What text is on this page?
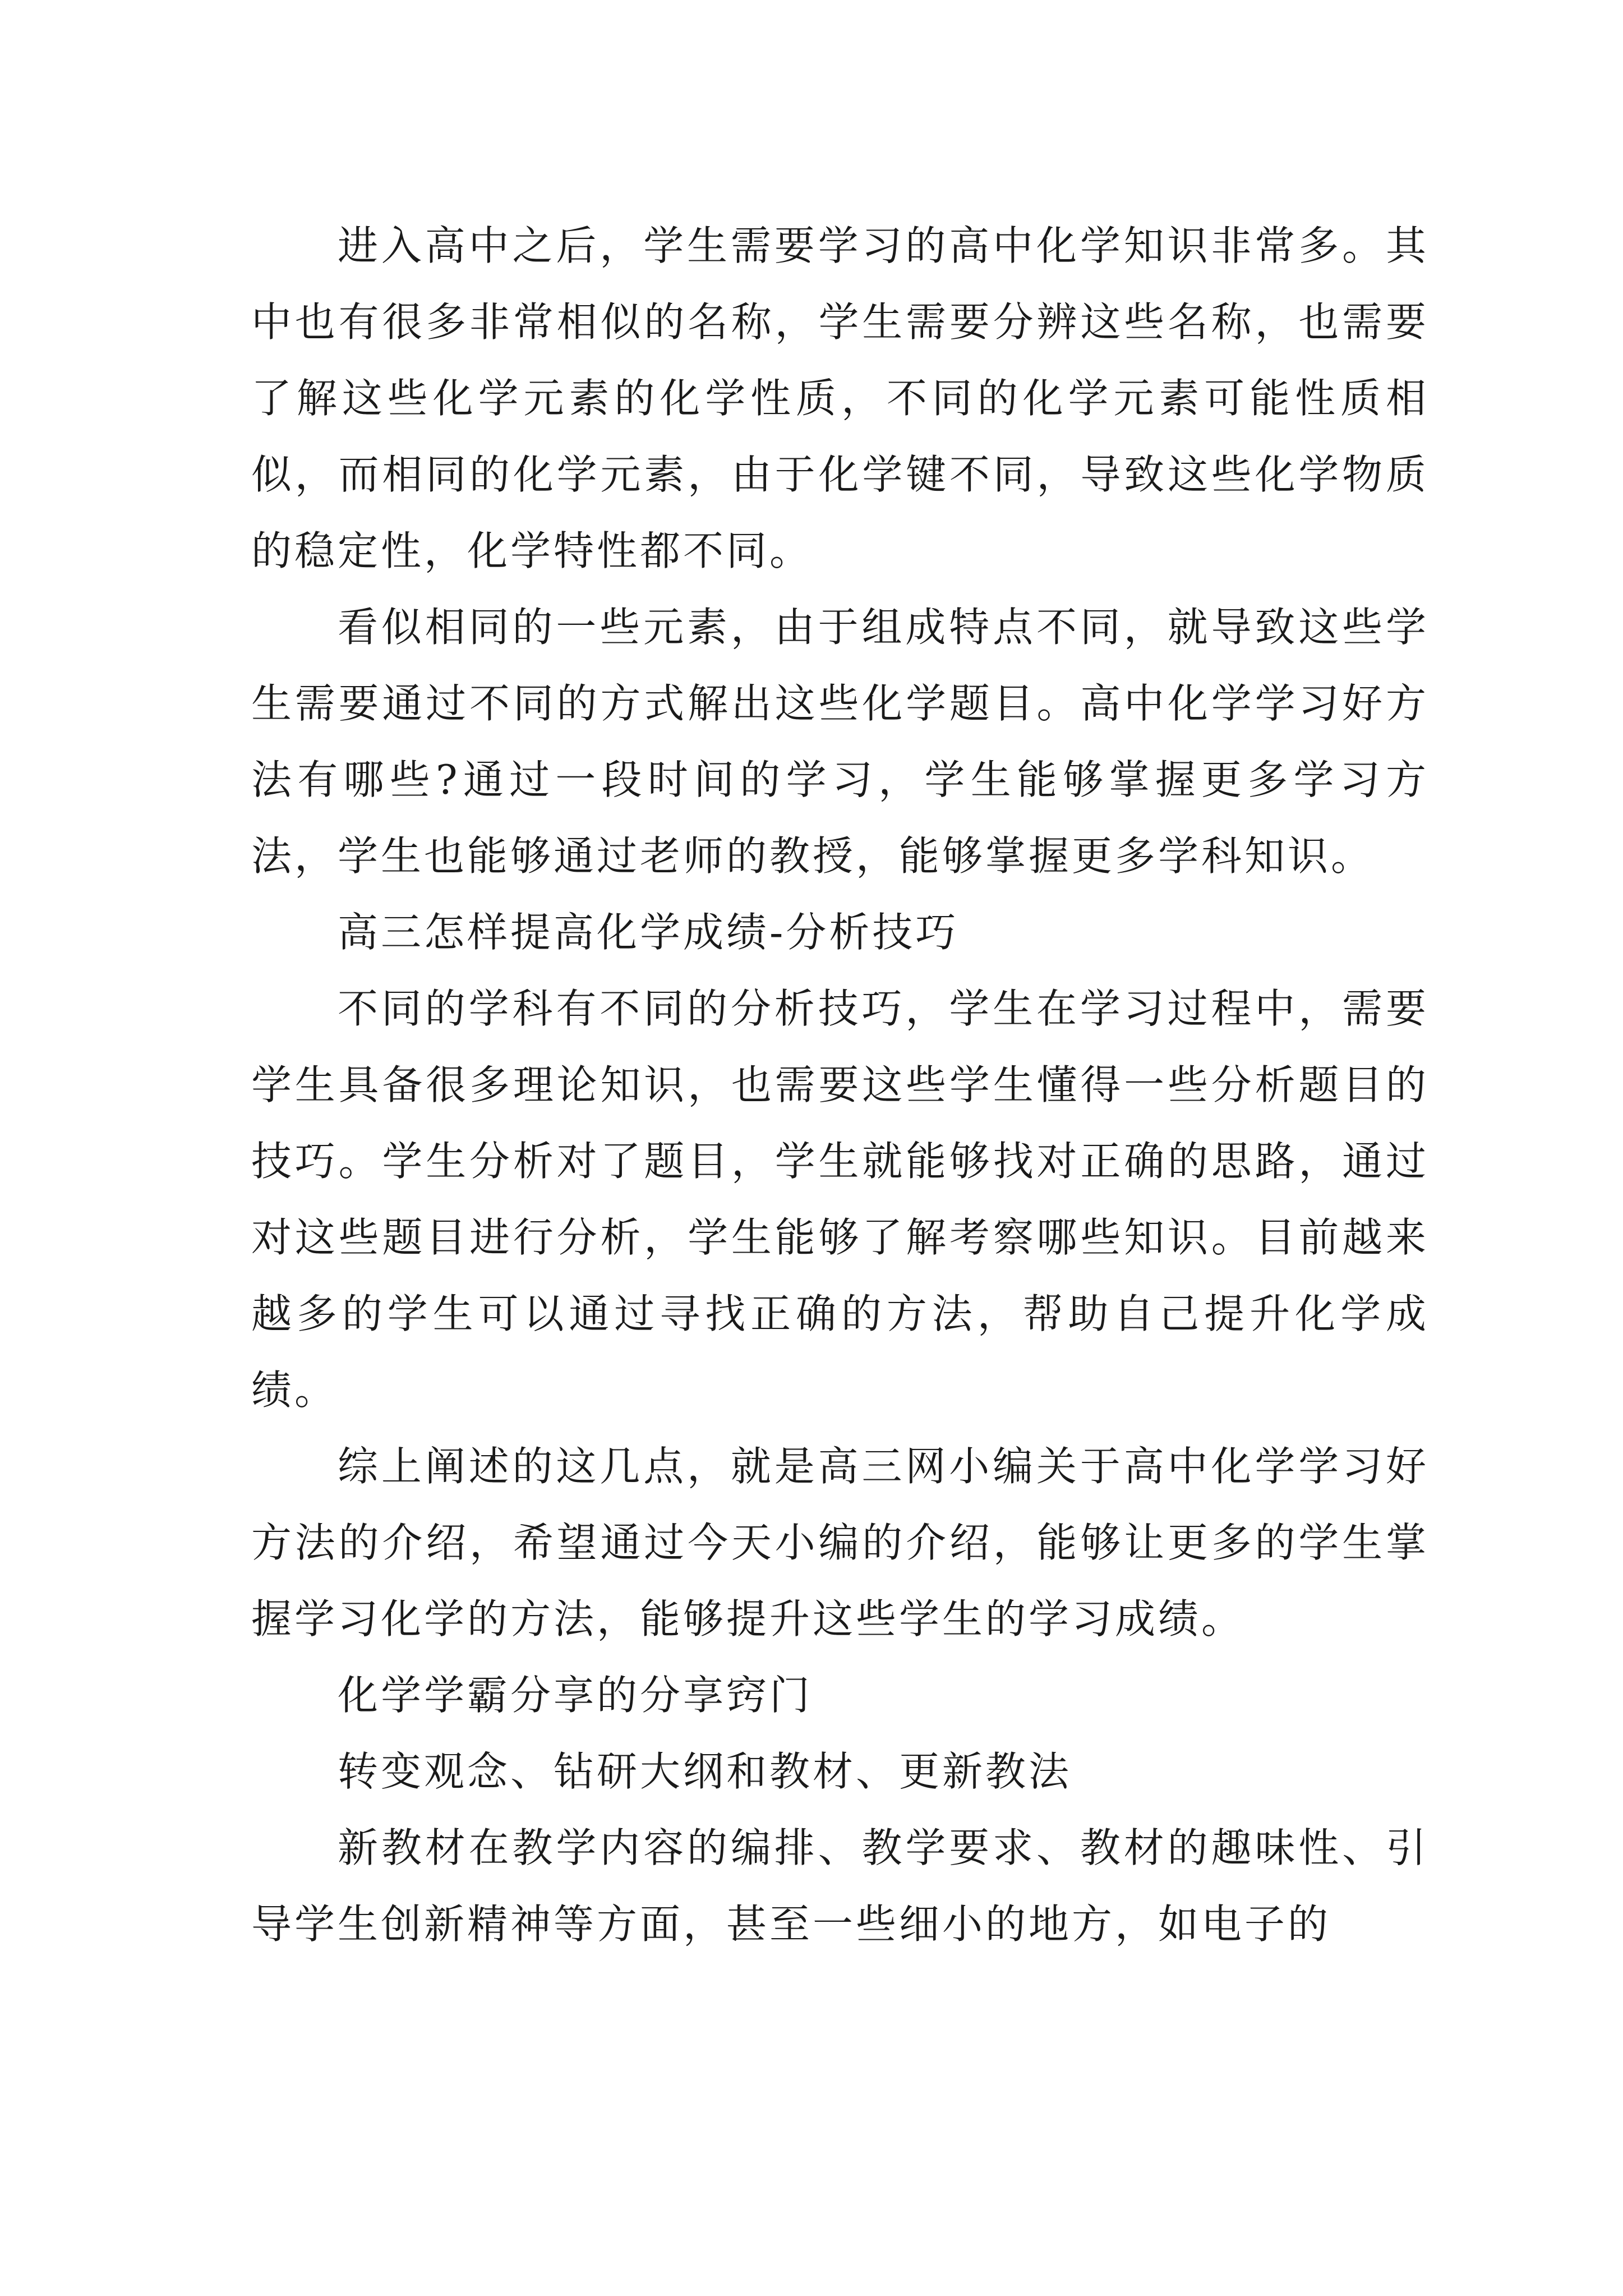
进入高中之后，学生需要学习的高中化学知识非常多。其中也有很多非常相似的名称，学生需要分辨这些名称，也需要了解这些化学元素的化学性质，不同的化学元素可能性质相似，而相同的化学元素，由于化学键不同，导致这些化学物质的稳定性，化学特性都不同。

看似相同的一些元素，由于组成特点不同，就导致这些学生需要通过不同的方式解出这些化学题目。高中化学学习好方法有哪些?通过一段时间的学习，学生能够掌握更多学习方法，学生也能够通过老师的教授，能够掌握更多学科知识。

高三怎样提高化学成绩-分析技巧

不同的学科有不同的分析技巧，学生在学习过程中，需要学生具备很多理论知识，也需要这些学生懂得一些分析题目的技巧。学生分析对了题目，学生就能够找对正确的思路，通过对这些题目进行分析，学生能够了解考察哪些知识。目前越来越多的学生可以通过寻找正确的方法，帮助自己提升化学成绩。

综上阐述的这几点，就是高三网小编关于高中化学学习好方法的介绍，希望通过今天小编的介绍，能够让更多的学生掌握学习化学的方法，能够提升这些学生的学习成绩。

化学学霸分享的分享窍门

转变观念、钻研大纲和教材、更新教法

新教材在教学内容的编排、教学要求、教材的趣味性、引导学生创新精神等方面，甚至一些细小的地方，如电子的
